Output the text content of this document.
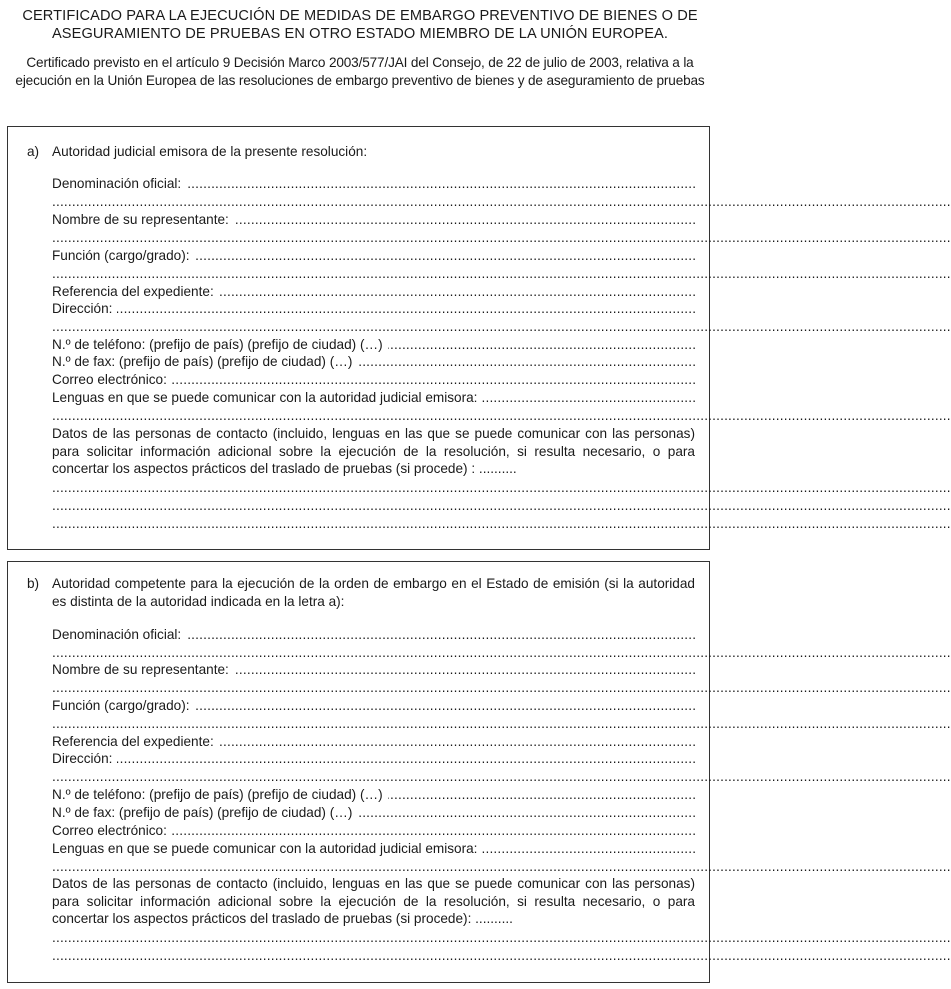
CERTIFICADO PARA LA EJECUCIÓN DE MEDIDAS DE EMBARGO PREVENTIVO DE BIENES O DE ASEGURAMIENTO DE PRUEBAS EN OTRO ESTADO MIEMBRO DE LA UNIÓN EUROPEA.
Certificado previsto en el artículo 9 Decisión Marco 2003/577/JAI del Consejo, de 22 de julio de 2003, relativa a la ejecución en la Unión Europea de las resoluciones de embargo preventivo de bienes y de aseguramiento de pruebas
a) Autoridad judicial emisora de la presente resolución:
Denominación oficial:
.....
..................................................................................................................................................................................................................................
Nombre de su representante:
.....
..................................................................................................................................................................................................................................
Función (cargo/grado):
.....
..................................................................................................................................................................................................................................
Referencia del expediente:
.....
Dirección:
.....
..................................................................................................................................................................................................................................
N.º de teléfono: (prefijo de país) (prefijo de ciudad) (…)
.....
N.º de fax: (prefijo de país) (prefijo de ciudad) (…)
.....
Correo electrónico:
.....
Lenguas en que se puede comunicar con la autoridad judicial emisora:
.....
..................................................................................................................................................................................................................................
Datos de las personas de contacto (incluido, lenguas en las que se puede comunicar con las personas) para solicitar información adicional sobre la ejecución de la resolución, si resulta necesario, o para concertar los aspectos prácticos del traslado de pruebas (si procede) : ..........
..................................................................................................................................................................................................................................
..................................................................................................................................................................................................................................
..................................................................................................................................................................................................................................
b) Autoridad competente para la ejecución de la orden de embargo en el Estado de emisión (si la autoridad es distinta de la autoridad indicada en la letra a):
Denominación oficial:
.....
..................................................................................................................................................................................................................................
Nombre de su representante:
.....
..................................................................................................................................................................................................................................
Función (cargo/grado):
.....
..................................................................................................................................................................................................................................
Referencia del expediente:
.....
Dirección:
.....
..................................................................................................................................................................................................................................
N.º de teléfono: (prefijo de país) (prefijo de ciudad) (…)
.....
N.º de fax: (prefijo de país) (prefijo de ciudad) (…)
.....
Correo electrónico:
.....
Lenguas en que se puede comunicar con la autoridad judicial emisora:
.....
..................................................................................................................................................................................................................................
Datos de las personas de contacto (incluido, lenguas en las que se puede comunicar con las personas) para solicitar información adicional sobre la ejecución de la resolución, si resulta necesario, o para concertar los aspectos prácticos del traslado de pruebas (si procede): ..........
..................................................................................................................................................................................................................................
..................................................................................................................................................................................................................................
